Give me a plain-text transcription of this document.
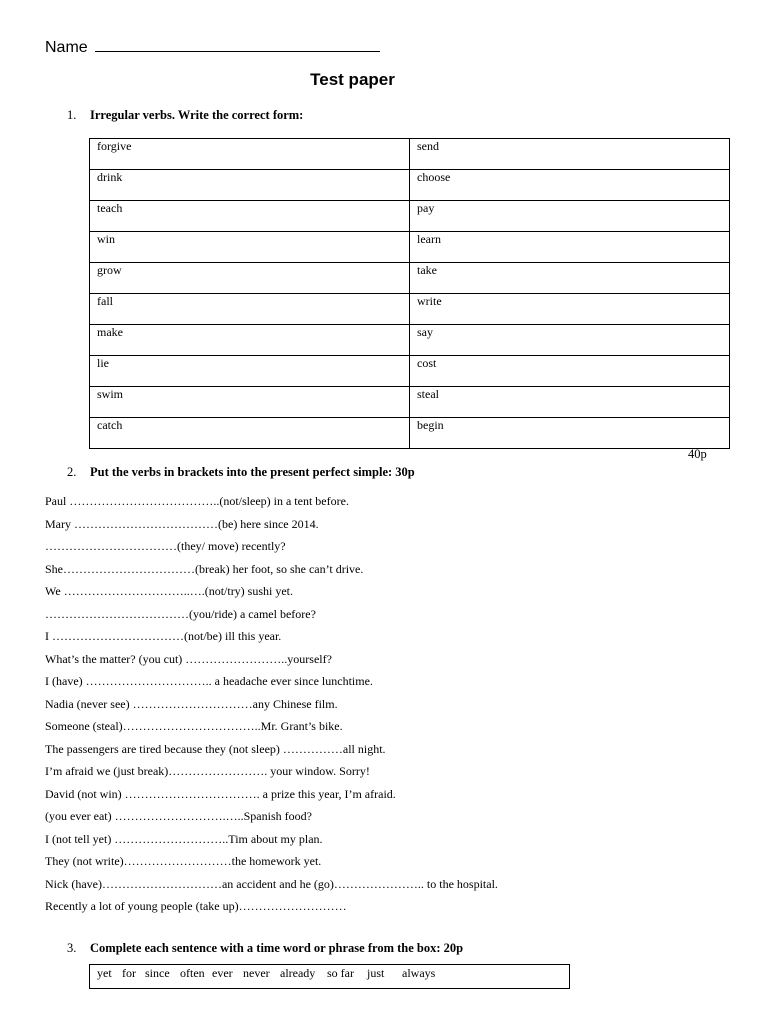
Name
Test paper
1. Irregular verbs. Write the correct form:
forgive	send
drink	choose
teach	pay
win	learn
grow	take
fall	write
make	say
lie	cost
swim	steal
catch	begin
40p
2. Put the verbs in brackets into the present perfect simple: 30p
Paul ………………………………..(not/sleep) in a tent before.
Mary ………………………………(be) here since 2014.
……………………………(they/ move) recently?
She……………………………(break) her foot, so she can’t drive.
We …………………………..….(not/try) sushi yet.
………………………………(you/ride) a camel before?
I ……………………………(not/be) ill this year.
What’s the matter? (you cut) ……………………..yourself?
I (have) ………………………….. a headache ever since lunchtime.
Nadia (never see) …………………………any Chinese film.
Someone (steal)……………………………..Mr. Grant’s bike.
The passengers are tired because they (not sleep) ……………all night.
I’m afraid we (just break)……………………. your window. Sorry!
David (not win) ……………………………. a prize this year, I’m afraid.
(you ever eat) ……………………….…..Spanish food?
I (not tell yet) ………………………..Tim about my plan.
They (not write)………………………the homework yet.
Nick (have)…………………………an accident and he (go)………………….. to the hospital.
Recently a lot of young people (take up)………………………
3. Complete each sentence with a time word or phrase from the box: 20p
yet for since often ever never already so far just always
